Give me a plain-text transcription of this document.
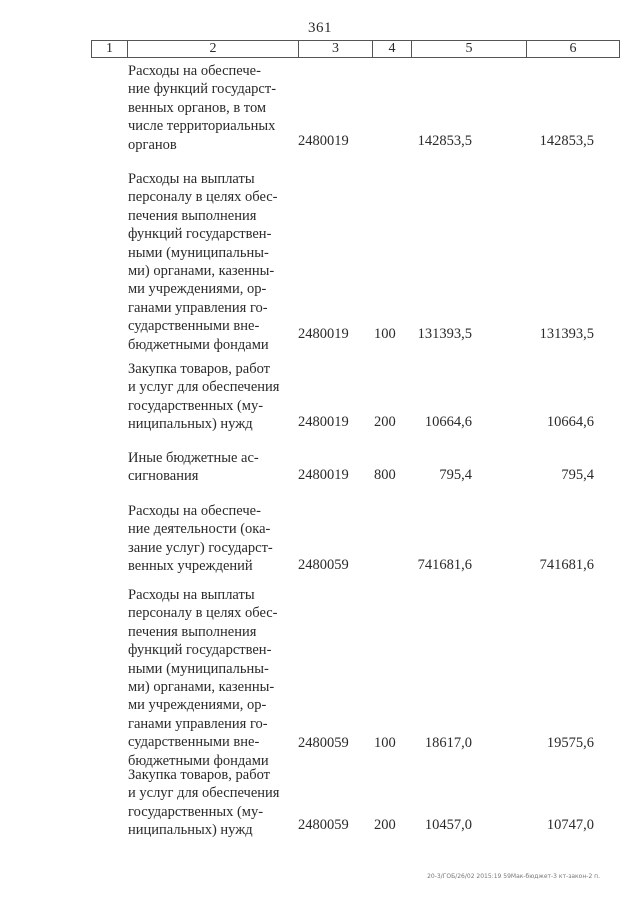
361
1	2	3	4	5	6
Расходы на обеспече-
ние функций государст-
венных органов, в том
числе территориальных
органов	2480019	142853,5	142853,5
Расходы на выплаты
персоналу в целях обес-
печения выполнения
функций государствен-
ными (муниципальны-
ми) органами, казенны-
ми учреждениями, ор-
ганами управления го-
сударственными вне-
бюджетными фондами
2480019 100 131393,5	131393,5
Закупка товаров, работ
и услуг для обеспечения
государственных (му-
ниципальных) нужд	2480019 200 10664,6	10664,6
Иные бюджетные ас-
сигнования	2480019 800	795,4	795,4
Расходы на обеспече-
ние деятельности (ока-
зание услуг) государст-
венных учреждений	2480059	741681,6	741681,6
Расходы на выплаты
персоналу в целях обес-
печения выполнения
функций государствен-
ными (муниципальны-
ми) органами, казенны-
ми учреждениями, ор-
ганами управления го-
сударственными вне-
бюджетными фондами
2480059 100 18617,0	19575,6
Закупка товаров, работ
и услуг для обеспечения
государственных (му-
ниципальных) нужд	2480059 200 10457,0	10747,0
20-3/ГОБ/26/02 2015:19 59Мак-бюджет-3 кт-закон-2 п.
